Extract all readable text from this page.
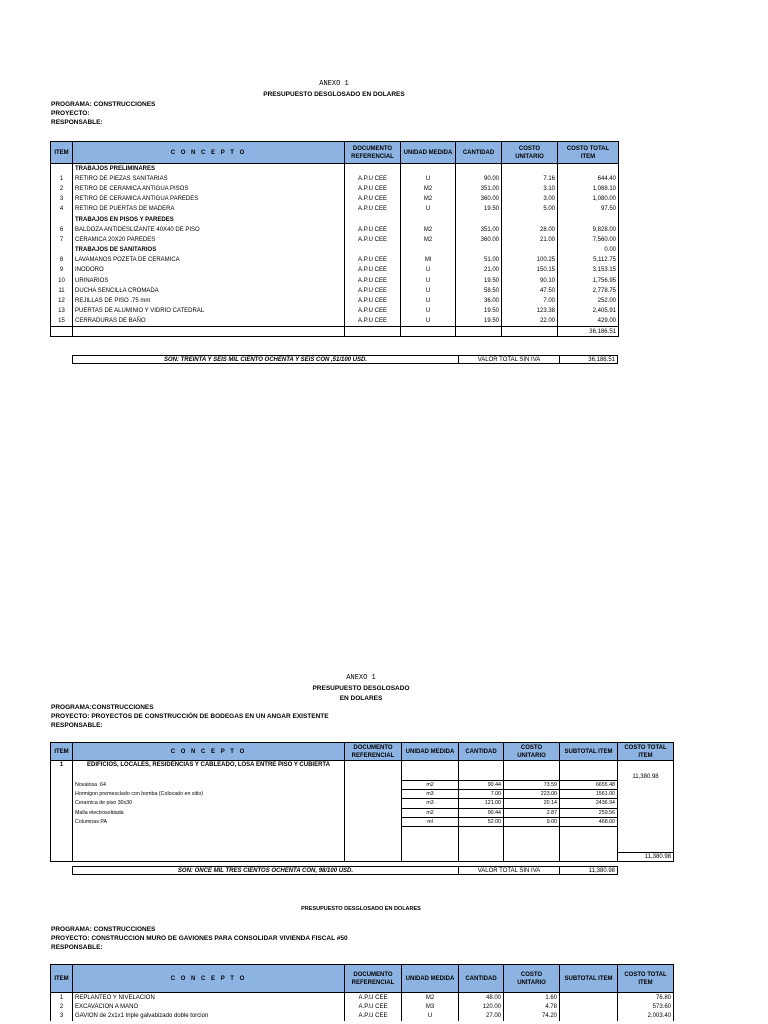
ANEXO 1
PRESUPUESTO DESGLOSADO EN DOLARES
PROGRAMA: CONSTRUCCIONES
PROYECTO:
RESPONSABLE:
ITEM	C O N C E P T O	DOCUMENTO REFERENCIAL	UNIDAD MEDIDA	CANTIDAD	COSTO UNITARIO	COSTO TOTAL ITEM
	TRABAJOS PRELIMINARES					
1	RETIRO DE PIEZAS SANITARIAS	A.P.U CEE	U	90.00	7.16	644.40
2	RETIRO DE CERAMICA ANTIGUA PISOS	A.P.U CEE	M2	351.00	3.10	1,088.10
3	RETIRO DE CERAMICA ANTIGUA PAREDES	A.P.U CEE	M2	360.00	3.00	1,080.00
4	RETIRO DE PUERTAS DE MADERA	A.P.U CEE	U	19.50	5.00	97.50
	TRABAJOS EN PISOS Y PAREDES					
6	BALDOZA ANTIDESLIZANTE 40X40 DE PISO	A.P.U CEE	M2	351.00	28.00	9,828.00
7	CERAMICA 20X20 PAREDES	A.P.U CEE	M2	360.00	21.00	7,560.00
	TRABAJOS DE SANITARIOS					0.00
8	LAVAMANOS POZETA DE CERAMICA	A.P.U CEE	Ml	51.00	100.25	5,112.75
9	INODORO	A.P.U CEE	U	21.00	150.15	3,153.15
10	URINARIOS	A.P.U CEE	U	19.50	90.10	1,756.95
11	DUCHA SENCILLA CROMADA	A.P.U CEE	U	58.50	47.50	2,778.75
12	REJILLAS DE PISO .75 mm	A.P.U CEE	U	36.00	7.00	252.00
13	PUERTAS DE ALUMINIO Y VIDRIO CATEDRAL	A.P.U CEE	U	19.50	123.38	2,405.91
15	CERRADURAS DE BAÑO	A.P.U CEE	U	19.50	22.00	429.00
						36,186.51
SON: TREINTA Y SEIS MIL CIENTO OCHENTA Y SEIS CON ,51/100 USD.	VALOR TOTAL SIN IVA	36,186.51
ANEXO 1
PRESUPUESTO DESGLOSADO
EN DOLARES
PROGRAMA:CONSTRUCCIONES
PROYECTO: PROYECTOS DE CONSTRUCCIÓN DE BODEGAS EN UN ANGAR EXISTENTE
RESPONSABLE:
ITEM	C O N C E P T O	DOCUMENTO REFERENCIAL	UNIDAD MEDIDA	CANTIDAD	COSTO UNITARIO	SUBTOTAL ITEM	COSTO TOTAL ITEM
1	EDIFICIOS, LOCALES, RESIDENCIAS Y CABLEADO, LOSA ENTRE PISO Y CUBIERTA						11,380.98
	Novalosa .64		m2	90.44	73.59	6655.48	
	Hormigon premesclado con bomba (Colocado en sitio)		m3	7.00	223.00	1561.00	
	Ceramica de piso 30x30		m3	121.00	20.14	2436.94	
	Malla electrosoldada		m2	90.44	2.87	259.56	
	Columnas PA		ml	52.00	9.00	468.00	

							11,380.98
SON: ONCE MIL TRES CIENTOS OCHENTA CON, 98/100 USD.	VALOR TOTAL SIN IVA	11,380.98
PRESUPUESTO DESGLOSADO EN DOLARES
PROGRAMA: CONSTRUCCIONES
PROYECTO: CONSTRUCCION MURO DE GAVIONES PARA CONSOLIDAR VIVIENDA FISCAL #50
RESPONSABLE:
ITEM	C O N C E P T O	DOCUMENTO REFERENCIAL	UNIDAD MEDIDA	CANTIDAD	COSTO UNITARIO	SUBTOTAL ITEM	COSTO TOTAL ITEM
1	REPLANTEO Y NIVELACION	A.P.U CEE	M2	48.00	1.60		76.80
2	EXCAVACION A MANO	A.P.U CEE	M3	120.00	4.78		573.60
3	GAVION de 2x1x1 triple galvabizado doble torcion	A.P.U CEE	U	27.00	74.20		2,003.40
